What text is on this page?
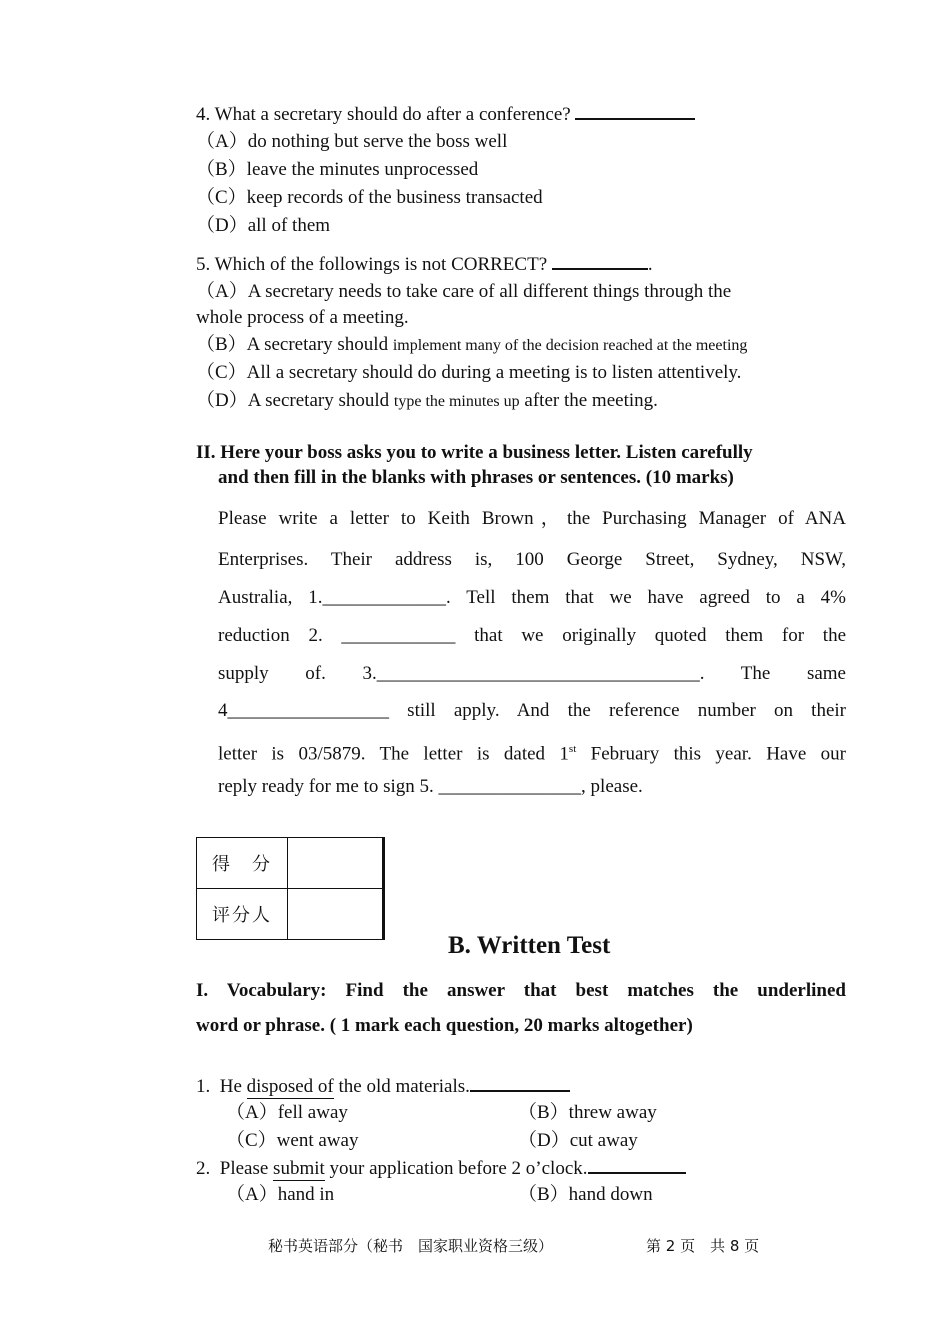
4. What a secretary should do after a conference?
（A）do nothing but serve the boss well
（B）leave the minutes unprocessed
（C）keep records of the business transacted
（D）all of them
5. Which of the followings is not CORRECT?	.
（A）A secretary needs to take care of all different things through the
whole process of a meeting.
（B）A secretary should implement many of the decision reached at the meeting
（C）All a secretary should do during a meeting is to listen attentively.
（D）A secretary should type the minutes up after the meeting.
II. Here your boss asks you to write a business letter. Listen carefully
and then fill in the blanks with phrases or sentences. (10 marks)
Please write a letter to Keith Brown，the Purchasing Manager of ANA
Enterprises. Their address is, 100 George Street, Sydney, NSW,
Australia, 1._____________. Tell them that we have agreed to a 4%
reduction 2. ____________ that we originally quoted them for the
supply of. 3.__________________________________. The same
4_________________ still apply. And the reference number on their
letter is 03/5879. The letter is dated 1st February this year. Have our
reply ready for me to sign 5. _______________, please.
得　分	
评分人	
B. Written Test
I. Vocabulary: Find the answer that best matches the underlined
word or phrase. ( 1 mark each question, 20 marks altogether)
1. He disposed of the old materials.
（A）fell away	（B）threw away
（C）went away	（D）cut away
2. Please submit your application before 2 o’clock.
（A）hand in	（B）hand down
秘书英语部分（秘书　国家职业资格三级）	第 2 页　共 8 页
